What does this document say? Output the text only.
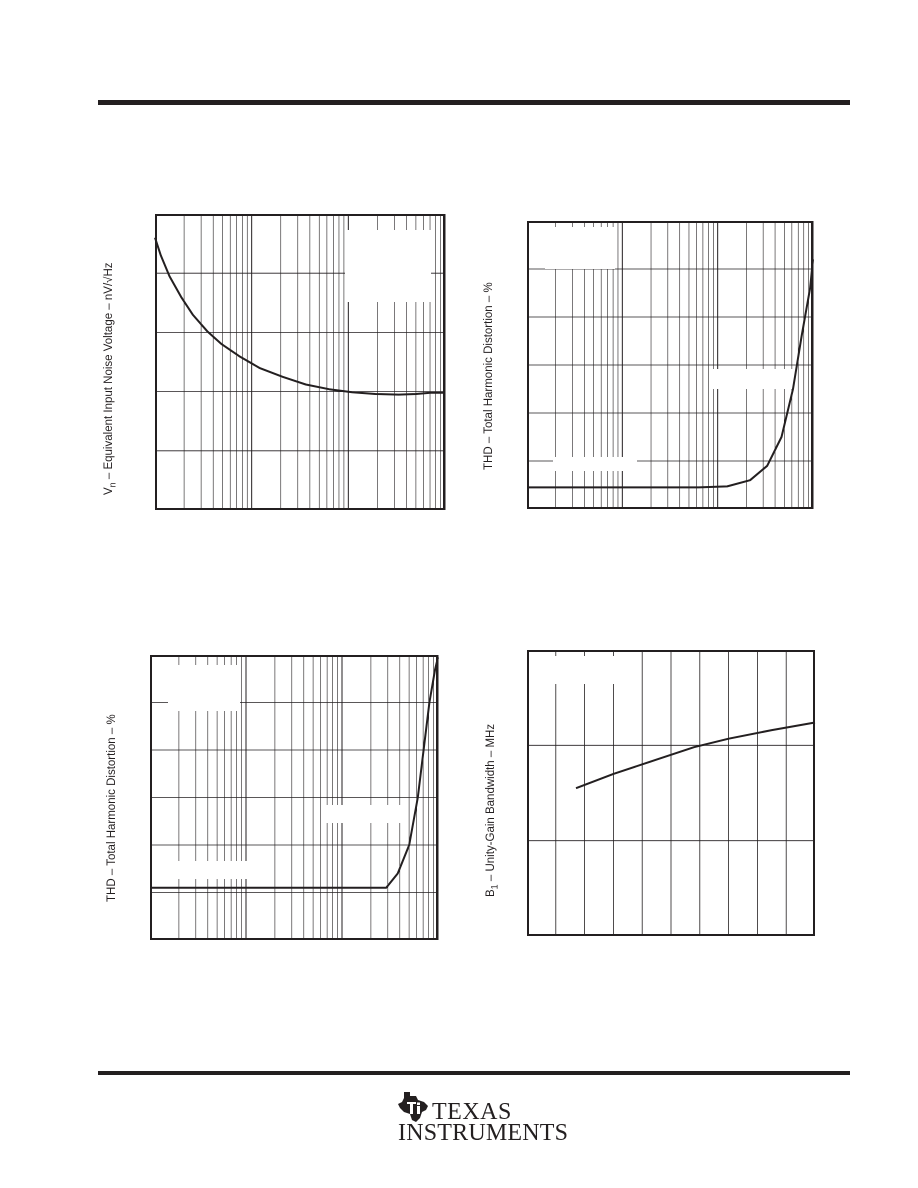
$V_n$ – Equivalent Input Noise Voltage – nV/√Hz	THD – Total Harmonic Distortion – %
THD – Total Harmonic Distortion – %	$B_1$ – Unity-Gain Bandwidth – MHz
TEXAS
INSTRUMENTS
